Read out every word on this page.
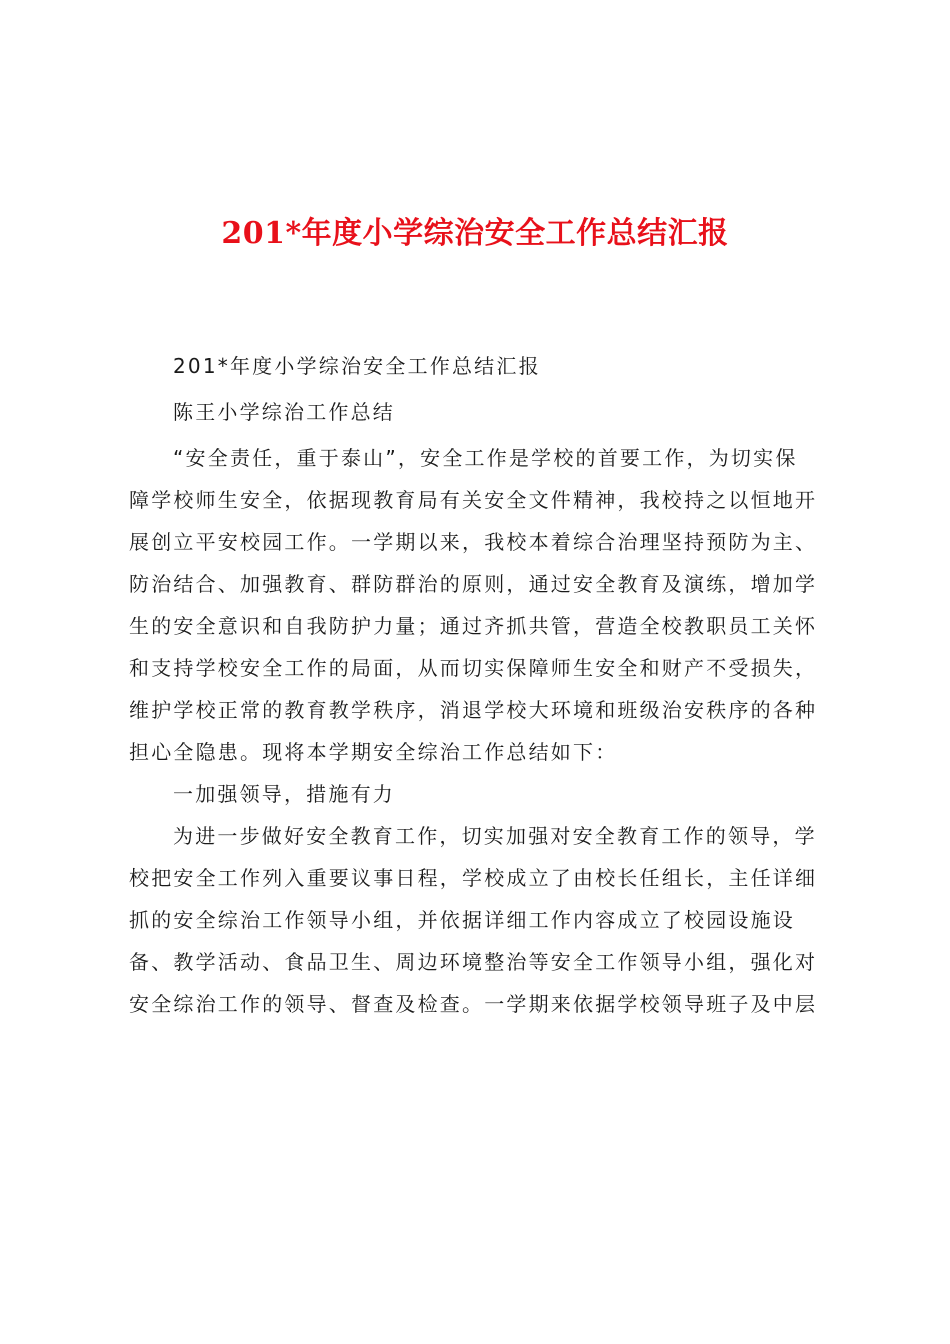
201*年度小学综治安全工作总结汇报
201*年度小学综治安全工作总结汇报
陈王小学综治工作总结
“安全责任，重于泰山”，安全工作是学校的首要工作，为切实保
障学校师生安全，依据现教育局有关安全文件精神，我校持之以恒地开
展创立平安校园工作。一学期以来，我校本着综合治理坚持预防为主、
防治结合、加强教育、群防群治的原则，通过安全教育及演练，增加学
生的安全意识和自我防护力量；通过齐抓共管，营造全校教职员工关怀
和支持学校安全工作的局面，从而切实保障师生安全和财产不受损失，
维护学校正常的教育教学秩序，消退学校大环境和班级治安秩序的各种
担心全隐患。现将本学期安全综治工作总结如下：
一加强领导，措施有力
为进一步做好安全教育工作，切实加强对安全教育工作的领导，学
校把安全工作列入重要议事日程，学校成立了由校长任组长，主任详细
抓的安全综治工作领导小组，并依据详细工作内容成立了校园设施设
备、教学活动、食品卫生、周边环境整治等安全工作领导小组，强化对
安全综治工作的领导、督查及检查。一学期来依据学校领导班子及中层
